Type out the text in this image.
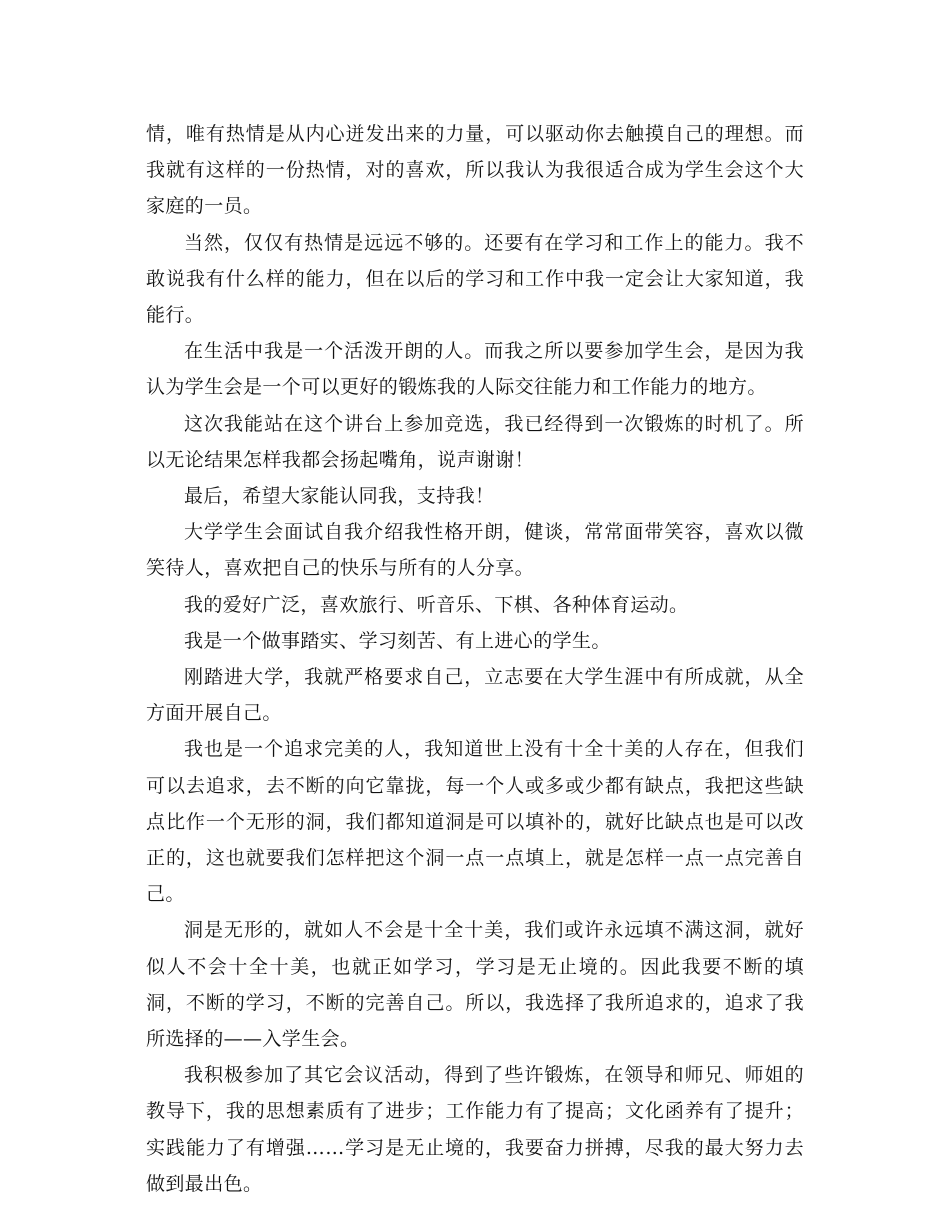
情，唯有热情是从内心迸发出来的力量，可以驱动你去触摸自己的理想。而我就有这样的一份热情，对的喜欢，所以我认为我很适合成为学生会这个大家庭的一员。

当然，仅仅有热情是远远不够的。还要有在学习和工作上的能力。我不敢说我有什么样的能力，但在以后的学习和工作中我一定会让大家知道，我能行。

在生活中我是一个活泼开朗的人。而我之所以要参加学生会，是因为我认为学生会是一个可以更好的锻炼我的人际交往能力和工作能力的地方。

这次我能站在这个讲台上参加竞选，我已经得到一次锻炼的时机了。所以无论结果怎样我都会扬起嘴角，说声谢谢！

最后，希望大家能认同我，支持我！

大学学生会面试自我介绍我性格开朗，健谈，常常面带笑容，喜欢以微笑待人，喜欢把自己的快乐与所有的人分享。

我的爱好广泛，喜欢旅行、听音乐、下棋、各种体育运动。

我是一个做事踏实、学习刻苦、有上进心的学生。

刚踏进大学，我就严格要求自己，立志要在大学生涯中有所成就，从全方面开展自己。

我也是一个追求完美的人，我知道世上没有十全十美的人存在，但我们可以去追求，去不断的向它靠拢，每一个人或多或少都有缺点，我把这些缺点比作一个无形的洞，我们都知道洞是可以填补的，就好比缺点也是可以改正的，这也就要我们怎样把这个洞一点一点填上，就是怎样一点一点完善自己。

洞是无形的，就如人不会是十全十美，我们或许永远填不满这洞，就好似人不会十全十美，也就正如学习，学习是无止境的。因此我要不断的填洞，不断的学习，不断的完善自己。所以，我选择了我所追求的，追求了我所选择的——入学生会。

我积极参加了其它会议活动，得到了些许锻炼，在领导和师兄、师姐的教导下，我的思想素质有了进步；工作能力有了提高；文化函养有了提升；实践能力了有增强……学习是无止境的，我要奋力拼搏，尽我的最大努力去做到最出色。
